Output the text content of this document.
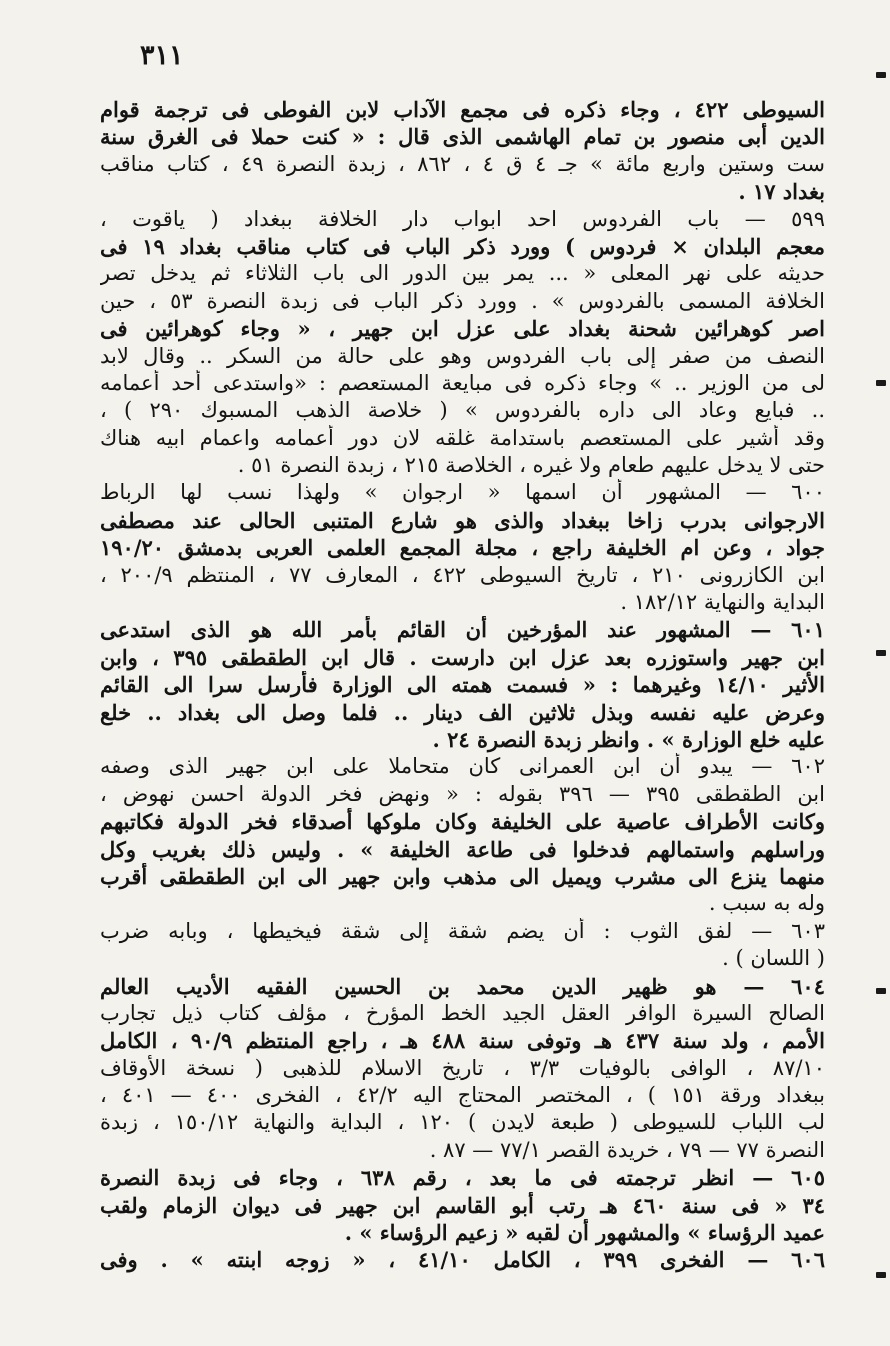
٣١١
السيوطى ٤٢٢ ، وجاء ذكره فى مجمع الآداب لابن الفوطى فى ترجمة قوام
الدين أبى منصور بن تمام الهاشمى الذى قال : « كنت حملا فى الغرق سنة
ست وستين واربع مائة » جـ ٤ ق ٤ ، ٨٦٢ ، زبدة النصرة ٤٩ ، كتاب مناقب
بغداد ١٧ .
٥٩٩ — باب الفردوس احد ابواب دار الخلافة ببغداد ( ياقوت ،
معجم البلدان × فردوس ) وورد ذكر الباب فى كتاب مناقب بغداد ١٩ فى
حديثه على نهر المعلى « ... يمر بين الدور الى باب الثلاثاء ثم يدخل تصر
الخلافة المسمى بالفردوس » . وورد ذكر الباب فى زبدة النصرة ٥٣ ، حين
اصر كوهرائين شحنة بغداد على عزل ابن جهير ، « وجاء كوهرائين فى
النصف من صفر إلى باب الفردوس وهو على حالة من السكر .. وقال لابد
لى من الوزير .. » وجاء ذكره فى مبايعة المستعصم : «واستدعى أحد أعمامه
.. فبايع وعاد الى داره بالفردوس » ( خلاصة الذهب المسبوك ٢٩٠ ) ،
وقد أشير على المستعصم باستدامة غلقه لان دور أعمامه واعمام ابيه هناك
حتى لا يدخل عليهم طعام ولا غيره ، الخلاصة ٢١٥ ، زبدة النصرة ٥١ .
٦٠٠ — المشهور أن اسمها « ارجوان » ولهذا نسب لها الرباط
الارجوانى بدرب زاخا ببغداد والذى هو شارع المتنبى الحالى عند مصطفى
جواد ، وعن ام الخليفة راجع ، مجلة المجمع العلمى العربى بدمشق ١٩٠/٢٠
ابن الكازرونى ٢١٠ ، تاريخ السيوطى ٤٢٢ ، المعارف ٧٧ ، المنتظم ٢٠٠/٩ ،
البداية والنهاية ١٨٢/١٢ .
٦٠١ — المشهور عند المؤرخين أن القائم بأمر الله هو الذى استدعى
ابن جهير واستوزره بعد عزل ابن دارست . قال ابن الطقطقى ٣٩٥ ، وابن
الأثير ١٤/١٠ وغيرهما : « فسمت همته الى الوزارة فأرسل سرا الى القائم
وعرض عليه نفسه وبذل ثلاثين الف دينار .. فلما وصل الى بغداد .. خلع
عليه خلع الوزارة » . وانظر زبدة النصرة ٢٤ .
٦٠٢ — يبدو أن ابن العمرانى كان متحاملا على ابن جهير الذى وصفه
ابن الطقطقى ٣٩٥ — ٣٩٦ بقوله : « ونهض فخر الدولة احسن نهوض ،
وكانت الأطراف عاصية على الخليفة وكان ملوكها أصدقاء فخر الدولة فكاتبهم
وراسلهم واستمالهم فدخلوا فى طاعة الخليفة » . وليس ذلك بغريب وكل
منهما ينزع الى مشرب ويميل الى مذهب وابن جهير الى ابن الطقطقى أقرب
وله به سبب .
٦٠٣ — لفق الثوب : أن يضم شقة إلى شقة فيخيطها ، وبابه ضرب
( اللسان ) .
٦٠٤ — هو ظهير الدين محمد بن الحسين الفقيه الأديب العالم
الصالح السيرة الوافر العقل الجيد الخط المؤرخ ، مؤلف كتاب ذيل تجارب
الأمم ، ولد سنة ٤٣٧ هـ وتوفى سنة ٤٨٨ هـ ، راجع المنتظم ٩٠/٩ ، الكامل
٨٧/١٠ ، الوافى بالوفيات ٣/٣ ، تاريخ الاسلام للذهبى ( نسخة الأوقاف
ببغداد ورقة ١٥١ ) ، المختصر المحتاج اليه ٤٢/٢ ، الفخرى ٤٠٠ — ٤٠١ ،
لب اللباب للسيوطى ( طبعة لايدن ) ١٢٠ ، البداية والنهاية ١٥٠/١٢ ، زبدة
النصرة ٧٧ — ٧٩ ، خريدة القصر ٧٧/١ — ٨٧ .
٦٠٥ — انظر ترجمته فى ما بعد ، رقم ٦٣٨ ، وجاء فى زبدة النصرة
٣٤ « فى سنة ٤٦٠ هـ رتب أبو القاسم ابن جهير فى ديوان الزمام ولقب
عميد الرؤساء » والمشهور أن لقبه « زعيم الرؤساء » .
٦٠٦ — الفخرى ٣٩٩ ، الكامل ٤١/١٠ ، « زوجه ابنته » . وفى
